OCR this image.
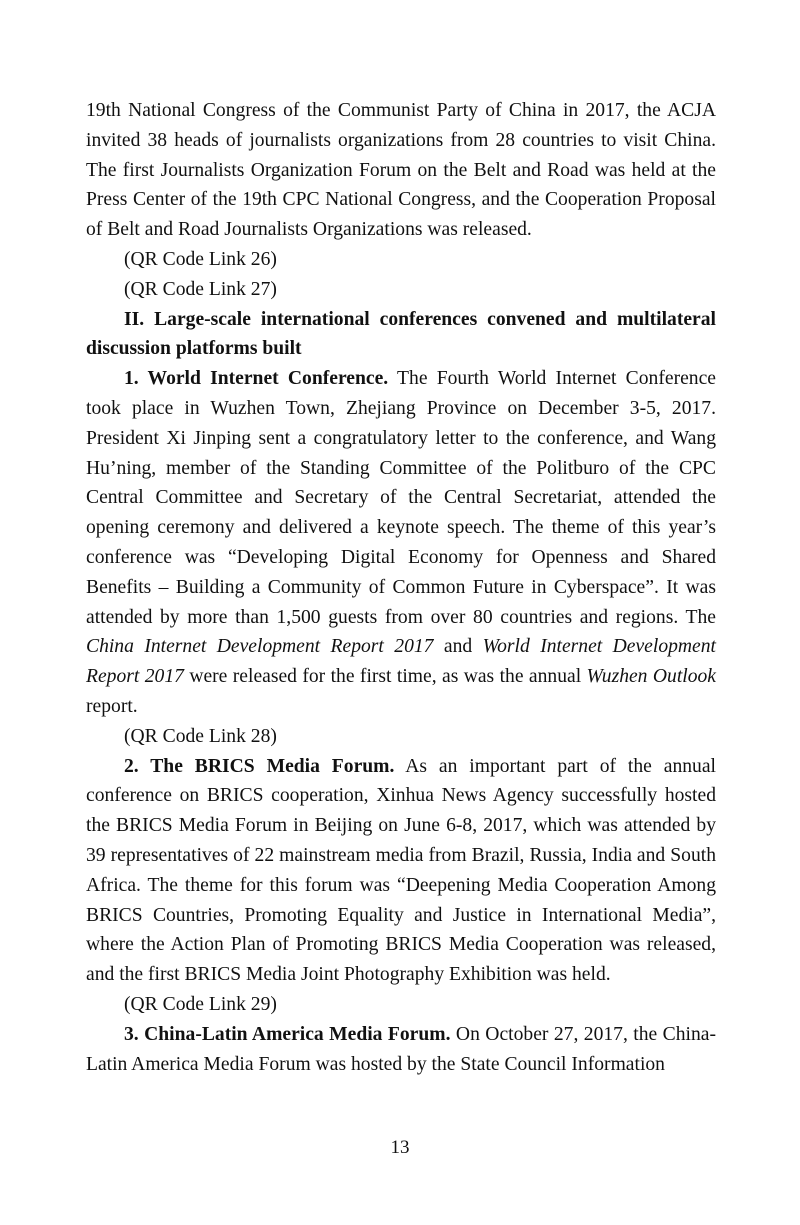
19th National Congress of the Communist Party of China in 2017, the ACJA invited 38 heads of journalists organizations from 28 countries to visit China. The first Journalists Organization Forum on the Belt and Road was held at the Press Center of the 19th CPC National Congress, and the Cooperation Proposal of Belt and Road Journalists Organizations was released.

(QR Code Link 26)

(QR Code Link 27)

II. Large-scale international conferences convened and multilateral discussion platforms built

1. World Internet Conference. The Fourth World Internet Conference took place in Wuzhen Town, Zhejiang Province on December 3-5, 2017. President Xi Jinping sent a congratulatory letter to the conference, and Wang Hu’ning, member of the Standing Committee of the Politburo of the CPC Central Committee and Secretary of the Central Secretariat, attended the opening ceremony and delivered a keynote speech. The theme of this year’s conference was “Developing Digital Economy for Openness and Shared Benefits – Building a Community of Common Future in Cyberspace”. It was attended by more than 1,500 guests from over 80 countries and regions. The China Internet Development Report 2017 and World Internet Development Report 2017 were released for the first time, as was the annual Wuzhen Outlook report.

(QR Code Link 28)

2. The BRICS Media Forum. As an important part of the annual conference on BRICS cooperation, Xinhua News Agency successfully hosted the BRICS Media Forum in Beijing on June 6-8, 2017, which was attended by 39 representatives of 22 mainstream media from Brazil, Russia, India and South Africa. The theme for this forum was “Deepening Media Cooperation Among BRICS Countries, Promoting Equality and Justice in International Media”, where the Action Plan of Promoting BRICS Media Cooperation was released, and the first BRICS Media Joint Photography Exhibition was held.

(QR Code Link 29)

3. China-Latin America Media Forum. On October 27, 2017, the China-Latin America Media Forum was hosted by the State Council Information

13
